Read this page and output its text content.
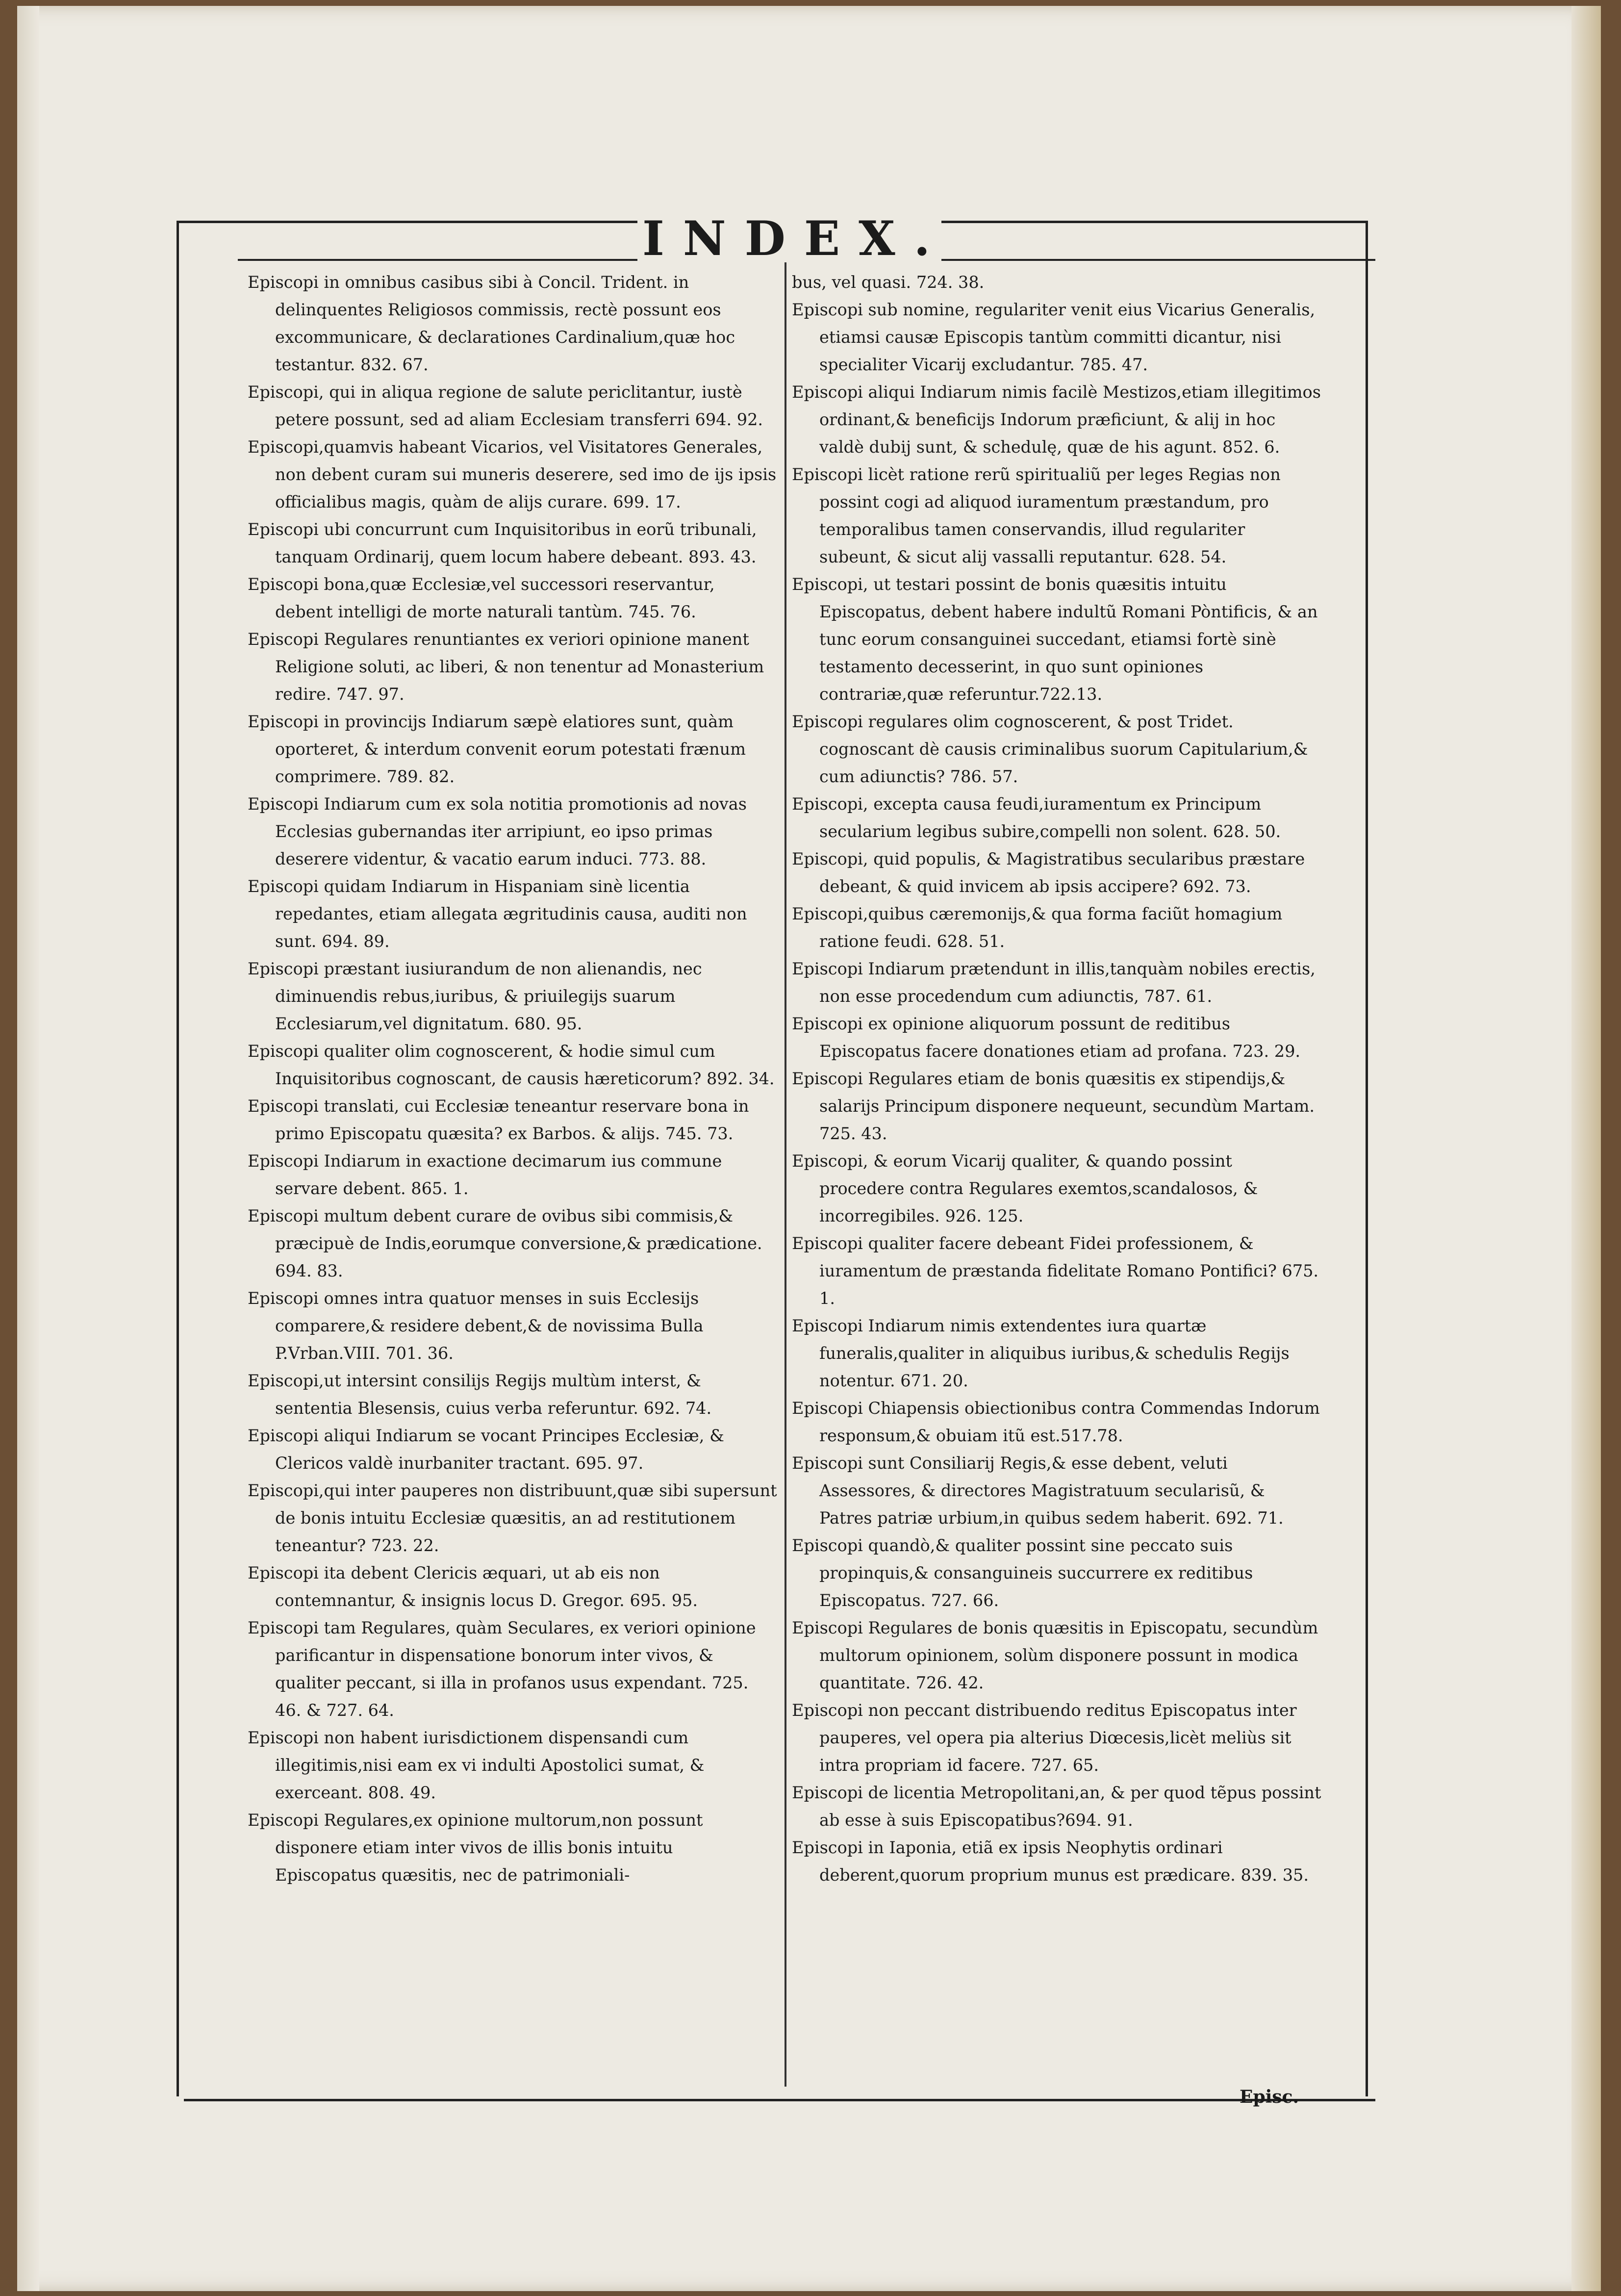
INDEX.

Episcopi in omnibus casibus sibi à Concil. Trident. in delinquentes Religiosos commissis, rectè possunt eos excommunicare, & declarationes Cardinalium,quæ hoc testantur. 832. 67.

Episcopi, qui in aliqua regione de salute periclitantur, iustè petere possunt, sed ad aliam Ecclesiam transferri 694. 92.

Episcopi,quamvis habeant Vicarios, vel Visitatores Generales, non debent curam sui muneris deserere, sed imo de ijs ipsis officialibus magis, quàm de alijs curare. 699. 17.

Episcopi ubi concurrunt cum Inquisitoribus in eorũ tribunali, tanquam Ordinarij, quem locum habere debeant. 893. 43.

Episcopi bona,quæ Ecclesiæ,vel successori reservantur, debent intelligi de morte naturali tantùm. 745. 76.

Episcopi Regulares renuntiantes ex veriori opinione manent Religione soluti, ac liberi, & non tenentur ad Monasterium redire. 747. 97.

Episcopi in provincijs Indiarum sæpè elatiores sunt, quàm oporteret, & interdum convenit eorum potestati frænum comprimere. 789. 82.

Episcopi Indiarum cum ex sola notitia promotionis ad novas Ecclesias gubernandas iter arripiunt, eo ipso primas deserere videntur, & vacatio earum induci. 773. 88.

Episcopi quidam Indiarum in Hispaniam sinè licentia repedantes, etiam allegata ægritudinis causa, auditi non sunt. 694. 89.

Episcopi præstant iusiurandum de non alienandis, nec diminuendis rebus,iuribus, & priuilegijs suarum Ecclesiarum,vel dignitatum. 680. 95.

Episcopi qualiter olim cognoscerent, & hodie simul cum Inquisitoribus cognoscant, de causis hæreticorum? 892. 34.

Episcopi translati, cui Ecclesiæ teneantur reservare bona in primo Episcopatu quæsita? ex Barbos. & alijs. 745. 73.

Episcopi Indiarum in exactione decimarum ius commune servare debent. 865. 1.

Episcopi multum debent curare de ovibus sibi commisis,& præcipuè de Indis,eorumque conversione,& prædicatione. 694. 83.

Episcopi omnes intra quatuor menses in suis Ecclesijs comparere,& residere debent,& de novissima Bulla P.Vrban.VIII. 701. 36.

Episcopi,ut intersint consilijs Regijs multùm interst, & sententia Blesensis, cuius verba referuntur. 692. 74.

Episcopi aliqui Indiarum se vocant Principes Ecclesiæ, & Clericos valdè inurbaniter tractant. 695. 97.

Episcopi,qui inter pauperes non distribuunt,quæ sibi supersunt de bonis intuitu Ecclesiæ quæsitis, an ad restitutionem teneantur? 723. 22.

Episcopi ita debent Clericis æquari, ut ab eis non contemnantur, & insignis locus D. Gregor. 695. 95.

Episcopi tam Regulares, quàm Seculares, ex veriori opinione parificantur in dispensatione bonorum inter vivos, & qualiter peccant, si illa in profanos usus expendant. 725. 46. & 727. 64.

Episcopi non habent iurisdictionem dispensandi cum illegitimis,nisi eam ex vi indulti Apostolici sumat, & exerceant. 808. 49.

Episcopi Regulares,ex opinione multorum,non possunt disponere etiam inter vivos de illis bonis intuitu Episcopatus quæsitis, nec de patrimoniali-

bus, vel quasi. 724. 38.

Episcopi sub nomine, regulariter venit eius Vicarius Generalis, etiamsi causæ Episcopis tantùm committi dicantur, nisi specialiter Vicarij excludantur. 785. 47.

Episcopi aliqui Indiarum nimis facilè Mestizos,etiam illegitimos ordinant,& beneficijs Indorum præficiunt, & alij in hoc valdè dubij sunt, & schedulę, quæ de his agunt. 852. 6.

Episcopi licèt ratione rerũ spiritualiũ per leges Regias non possint cogi ad aliquod iuramentum præstandum, pro temporalibus tamen conservandis, illud regulariter subeunt, & sicut alij vassalli reputantur. 628. 54.

Episcopi, ut testari possint de bonis quæsitis intuitu Episcopatus, debent habere indultũ Romani Pòntificis, & an tunc eorum consanguinei succedant, etiamsi fortè sinè testamento decesserint, in quo sunt opiniones contrariæ,quæ referuntur.722.13.

Episcopi regulares olim cognoscerent, & post Tridet. cognoscant dè causis criminalibus suorum Capitularium,& cum adiunctis? 786. 57.

Episcopi, excepta causa feudi,iuramentum ex Principum secularium legibus subire,compelli non solent. 628. 50.

Episcopi, quid populis, & Magistratibus secularibus præstare debeant, & quid invicem ab ipsis accipere? 692. 73.

Episcopi,quibus cæremonijs,& qua forma faciũt homagium ratione feudi. 628. 51.

Episcopi Indiarum prætendunt in illis,tanquàm nobiles erectis, non esse procedendum cum adiunctis, 787. 61.

Episcopi ex opinione aliquorum possunt de reditibus Episcopatus facere donationes etiam ad profana. 723. 29.

Episcopi Regulares etiam de bonis quæsitis ex stipendijs,& salarijs Principum disponere nequeunt, secundùm Martam. 725. 43.

Episcopi, & eorum Vicarij qualiter, & quando possint procedere contra Regulares exemtos,scandalosos, & incorregibiles. 926. 125.

Episcopi qualiter facere debeant Fidei professionem, & iuramentum de præstanda fidelitate Romano Pontifici? 675. 1.

Episcopi Indiarum nimis extendentes iura quartæ funeralis,qualiter in aliquibus iuribus,& schedulis Regijs notentur. 671. 20.

Episcopi Chiapensis obiectionibus contra Commendas Indorum responsum,& obuiam itũ est.517.78.

Episcopi sunt Consiliarij Regis,& esse debent, veluti Assessores, & directores Magistratuum secularisũ, & Patres patriæ urbium,in quibus sedem haberit. 692. 71.

Episcopi quandò,& qualiter possint sine peccato suis propinquis,& consanguineis succurrere ex reditibus Episcopatus. 727. 66.

Episcopi Regulares de bonis quæsitis in Episcopatu, secundùm multorum opinionem, solùm disponere possunt in modica quantitate. 726. 42.

Episcopi non peccant distribuendo reditus Episcopatus inter pauperes, vel opera pia alterius Diœcesis,licèt meliùs sit intra propriam id facere. 727. 65.

Episcopi de licentia Metropolitani,an, & per quod tẽpus possint ab esse à suis Episcopatibus?694. 91.

Episcopi in Iaponia, etiã ex ipsis Neophytis ordinari deberent,quorum proprium munus est prædicare. 839. 35.

Episc.
